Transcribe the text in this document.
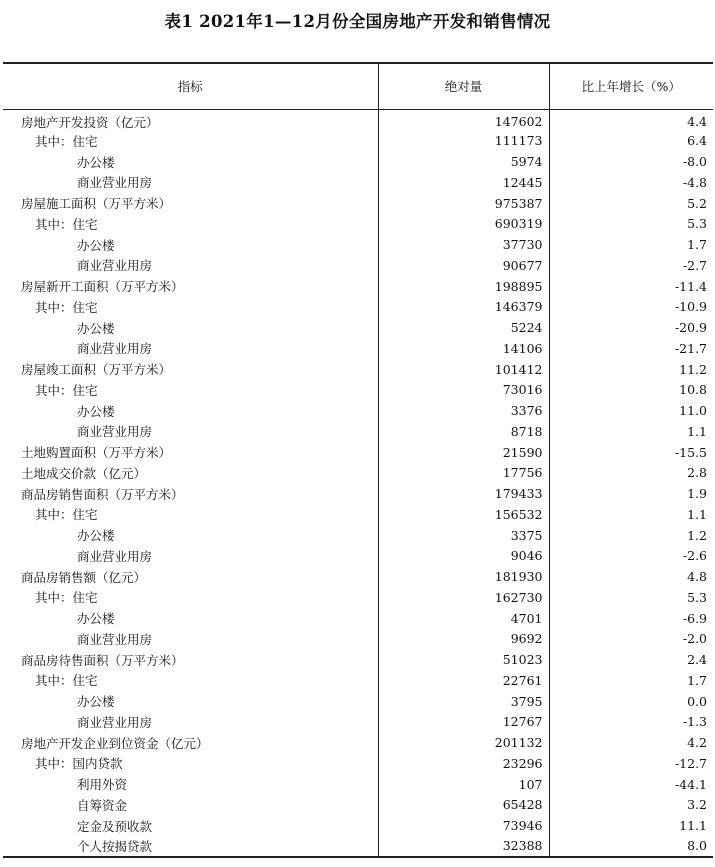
表1 2021年1—12月份全国房地产开发和销售情况
指标	绝对量	比上年增长（%）
房地产开发投资（亿元）	147602	4.4
其中：住宅	111173	6.4
办公楼	5974	-8.0
商业营业用房	12445	-4.8
房屋施工面积（万平方米）	975387	5.2
其中：住宅	690319	5.3
办公楼	37730	1.7
商业营业用房	90677	-2.7
房屋新开工面积（万平方米）	198895	-11.4
其中：住宅	146379	-10.9
办公楼	5224	-20.9
商业营业用房	14106	-21.7
房屋竣工面积（万平方米）	101412	11.2
其中：住宅	73016	10.8
办公楼	3376	11.0
商业营业用房	8718	1.1
土地购置面积（万平方米）	21590	-15.5
土地成交价款（亿元）	17756	2.8
商品房销售面积（万平方米）	179433	1.9
其中：住宅	156532	1.1
办公楼	3375	1.2
商业营业用房	9046	-2.6
商品房销售额（亿元）	181930	4.8
其中：住宅	162730	5.3
办公楼	4701	-6.9
商业营业用房	9692	-2.0
商品房待售面积（万平方米）	51023	2.4
其中：住宅	22761	1.7
办公楼	3795	0.0
商业营业用房	12767	-1.3
房地产开发企业到位资金（亿元）	201132	4.2
其中：国内贷款	23296	-12.7
利用外资	107	-44.1
自筹资金	65428	3.2
定金及预收款	73946	11.1
个人按揭贷款	32388	8.0
